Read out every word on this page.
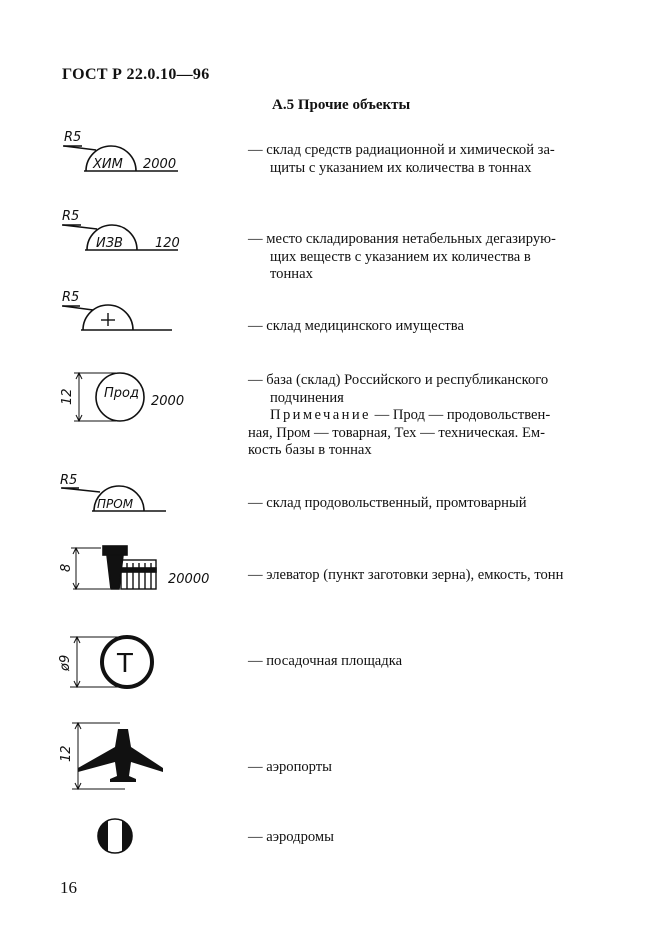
ГОСТ Р 22.0.10—96
А.5 Прочие объекты
R5
ХИМ 2000
R5
ИЗВ 120
R5
Прод
2000
12
R5
ПРОМ
20000
8
ø9
12
Т
— склад средств радиационной и химической за-
щиты с указанием их количества в тоннах
— место складирования нетабельных дегазирую-
щих веществ с указанием их количества в
тоннах
— склад медицинского имущества
— база (склад) Российского и республиканского
подчинения
Примечание — Прод — продовольствен-
ная, Пром — товарная, Тех — техническая. Ем-
кость базы в тоннах
— склад продовольственный, промтоварный
— элеватор (пункт заготовки зерна), емкость, тонн
— посадочная площадка
— аэропорты
— аэродромы
16
